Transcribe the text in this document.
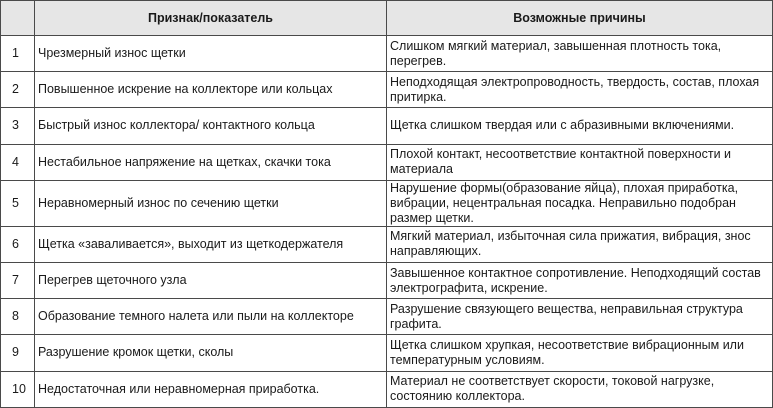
	Признак/показатель	Возможные причины
1	Чрезмерный износ щетки	Слишком мягкий материал, завышенная плотность тока, перегрев.
2	Повышенное искрение на коллекторе или кольцах	Неподходящая электропроводность, твердость, состав, плохая притирка.
3	Быстрый износ коллектора/ контактного кольца	Щетка слишком твердая или с абразивными включениями.
4	Нестабильное напряжение на щетках, скачки тока	Плохой контакт, несоответствие контактной поверхности и материала
5	Неравномерный износ по сечению щетки	Нарушение формы(образование яйца), плохая приработка, вибрации, нецентральная посадка. Неправильно подобран размер щетки.
6	Щетка «заваливается», выходит из щеткодержателя	Мягкий материал, избыточная сила прижатия, вибрация, знос направляющих.
7	Перегрев щеточного узла	Завышенное контактное сопротивление. Неподходящий состав электрографита, искрение.
8	Образование темного налета или пыли на коллекторе	Разрушение связующего вещества, неправильная структура графита.
9	Разрушение кромок щетки, сколы	Щетка слишком хрупкая, несоответствие вибрационным или температурным условиям.
10	Недостаточная или неравномерная приработка.	Материал не соответствует скорости, токовой нагрузке, состоянию коллектора.
